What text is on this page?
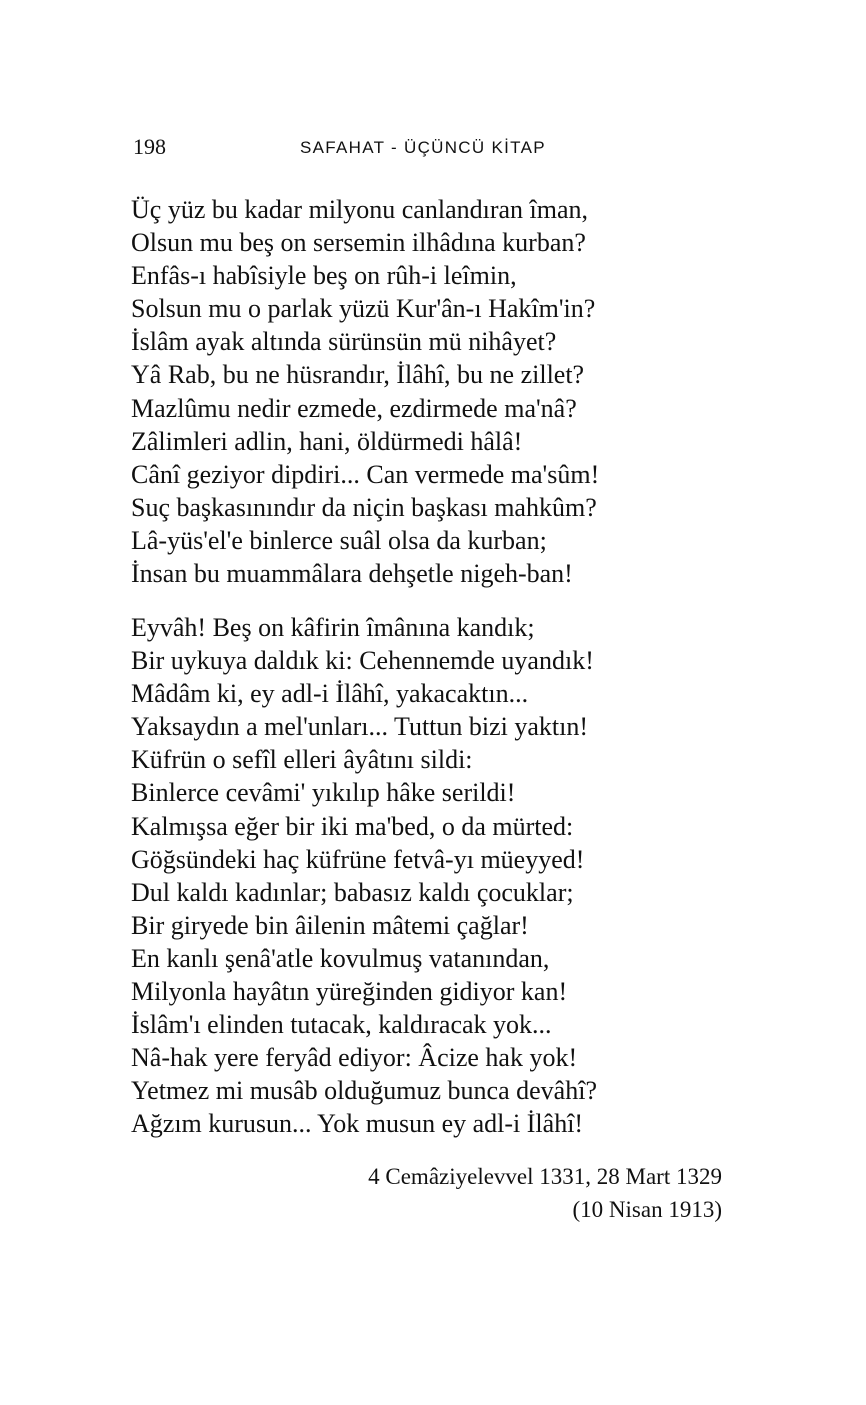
198	SAFAHAT - ÜÇÜNCÜ KİTAP
Üç yüz bu kadar milyonu canlandıran îman,
Olsun mu beş on sersemin ilhâdına kurban?
Enfâs-ı habîsiyle beş on rûh-i leîmin,
Solsun mu o parlak yüzü Kur'ân-ı Hakîm'in?
İslâm ayak altında sürünsün mü nihâyet?
Yâ Rab, bu ne hüsrandır, İlâhî, bu ne zillet?
Mazlûmu nedir ezmede, ezdirmede ma'nâ?
Zâlimleri adlin, hani, öldürmedi hâlâ!
Cânî geziyor dipdiri... Can vermede ma'sûm!
Suç başkasınındır da niçin başkası mahkûm?
Lâ-yüs'el'e binlerce suâl olsa da kurban;
İnsan bu muammâlara dehşetle nigeh-ban!
Eyvâh! Beş on kâfirin îmânına kandık;
Bir uykuya daldık ki: Cehennemde uyandık!
Mâdâm ki, ey adl-i İlâhî, yakacaktın...
Yaksaydın a mel'unları... Tuttun bizi yaktın!
Küfrün o sefîl elleri âyâtını sildi:
Binlerce cevâmi' yıkılıp hâke serildi!
Kalmışsa eğer bir iki ma'bed, o da mürted:
Göğsündeki haç küfrüne fetvâ-yı müeyyed!
Dul kaldı kadınlar; babasız kaldı çocuklar;
Bir giryede bin âilenin mâtemi çağlar!
En kanlı şenâ'atle kovulmuş vatanından,
Milyonla hayâtın yüreğinden gidiyor kan!
İslâm'ı elinden tutacak, kaldıracak yok...
Nâ-hak yere feryâd ediyor: Âcize hak yok!
Yetmez mi musâb olduğumuz bunca devâhî?
Ağzım kurusun... Yok musun ey adl-i İlâhî!
4 Cemâziyelevvel 1331, 28 Mart 1329
(10 Nisan 1913)
